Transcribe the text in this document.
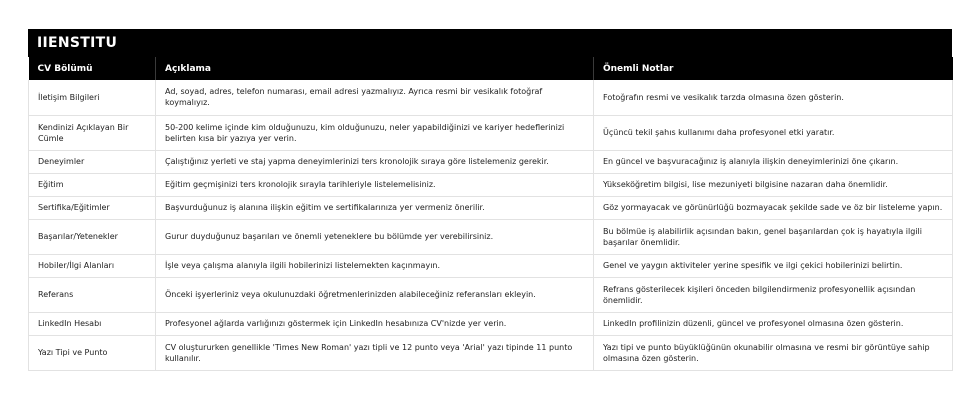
IIENSTITU
CV Bölümü	Açıklama	Önemli Notlar
İletişim Bilgileri	Ad, soyad, adres, telefon numarası, email adresi yazmalıyız. Ayrıca resmi bir vesikalık fotoğraf koymalıyız.	Fotoğrafın resmi ve vesikalık tarzda olmasına özen gösterin.
Kendinizi Açıklayan Bir Cümle	50-200 kelime içinde kim olduğunuzu, kim olduğunuzu, neler yapabildiğinizi ve kariyer hedeflerinizi belirten kısa bir yazıya yer verin.	Üçüncü tekil şahıs kullanımı daha profesyonel etki yaratır.
Deneyimler	Çalıştığınız yerleti ve staj yapma deneyimlerinizi ters kronolojik sıraya göre listelemeniz gerekir.	En güncel ve başvuracağınız iş alanıyla ilişkin deneyimlerinizi öne çıkarın.
Eğitim	Eğitim geçmişinizi ters kronolojik sırayla tarihleriyle listelemelisiniz.	Yükseköğretim bilgisi, lise mezuniyeti bilgisine nazaran daha önemlidir.
Sertifika/Eğitimler	Başvurduğunuz iş alanına ilişkin eğitim ve sertifikalarınıza yer vermeniz önerilir.	Göz yormayacak ve görünürlüğü bozmayacak şekilde sade ve öz bir listeleme yapın.
Başarılar/Yetenekler	Gurur duyduğunuz başarıları ve önemli yeteneklere bu bölümde yer verebilirsiniz.	Bu bölmüe iş alabilirlik açısından bakın, genel başarılardan çok iş hayatıyla ilgili başarılar önemlidir.
Hobiler/İlgi Alanları	İşle veya çalışma alanıyla ilgili hobilerinizi listelemekten kaçınmayın.	Genel ve yaygın aktiviteler yerine spesifik ve ilgi çekici hobilerinizi belirtin.
Referans	Önceki işyerleriniz veya okulunuzdaki öğretmenlerinizden alabileceğiniz referansları ekleyin.	Refrans gösterilecek kişileri önceden bilgilendirmeniz profesyonellik açısından önemlidir.
LinkedIn Hesabı	Profesyonel ağlarda varlığınızı göstermek için LinkedIn hesabınıza CV'nizde yer verin.	LinkedIn profilinizin düzenli, güncel ve profesyonel olmasına özen gösterin.
Yazı Tipi ve Punto	CV oluştururken genellikle 'Times New Roman' yazı tipli ve 12 punto veya 'Arial' yazı tipinde 11 punto kullanılır.	Yazı tipi ve punto büyüklüğünün okunabilir olmasına ve resmi bir görüntüye sahip olmasına özen gösterin.
